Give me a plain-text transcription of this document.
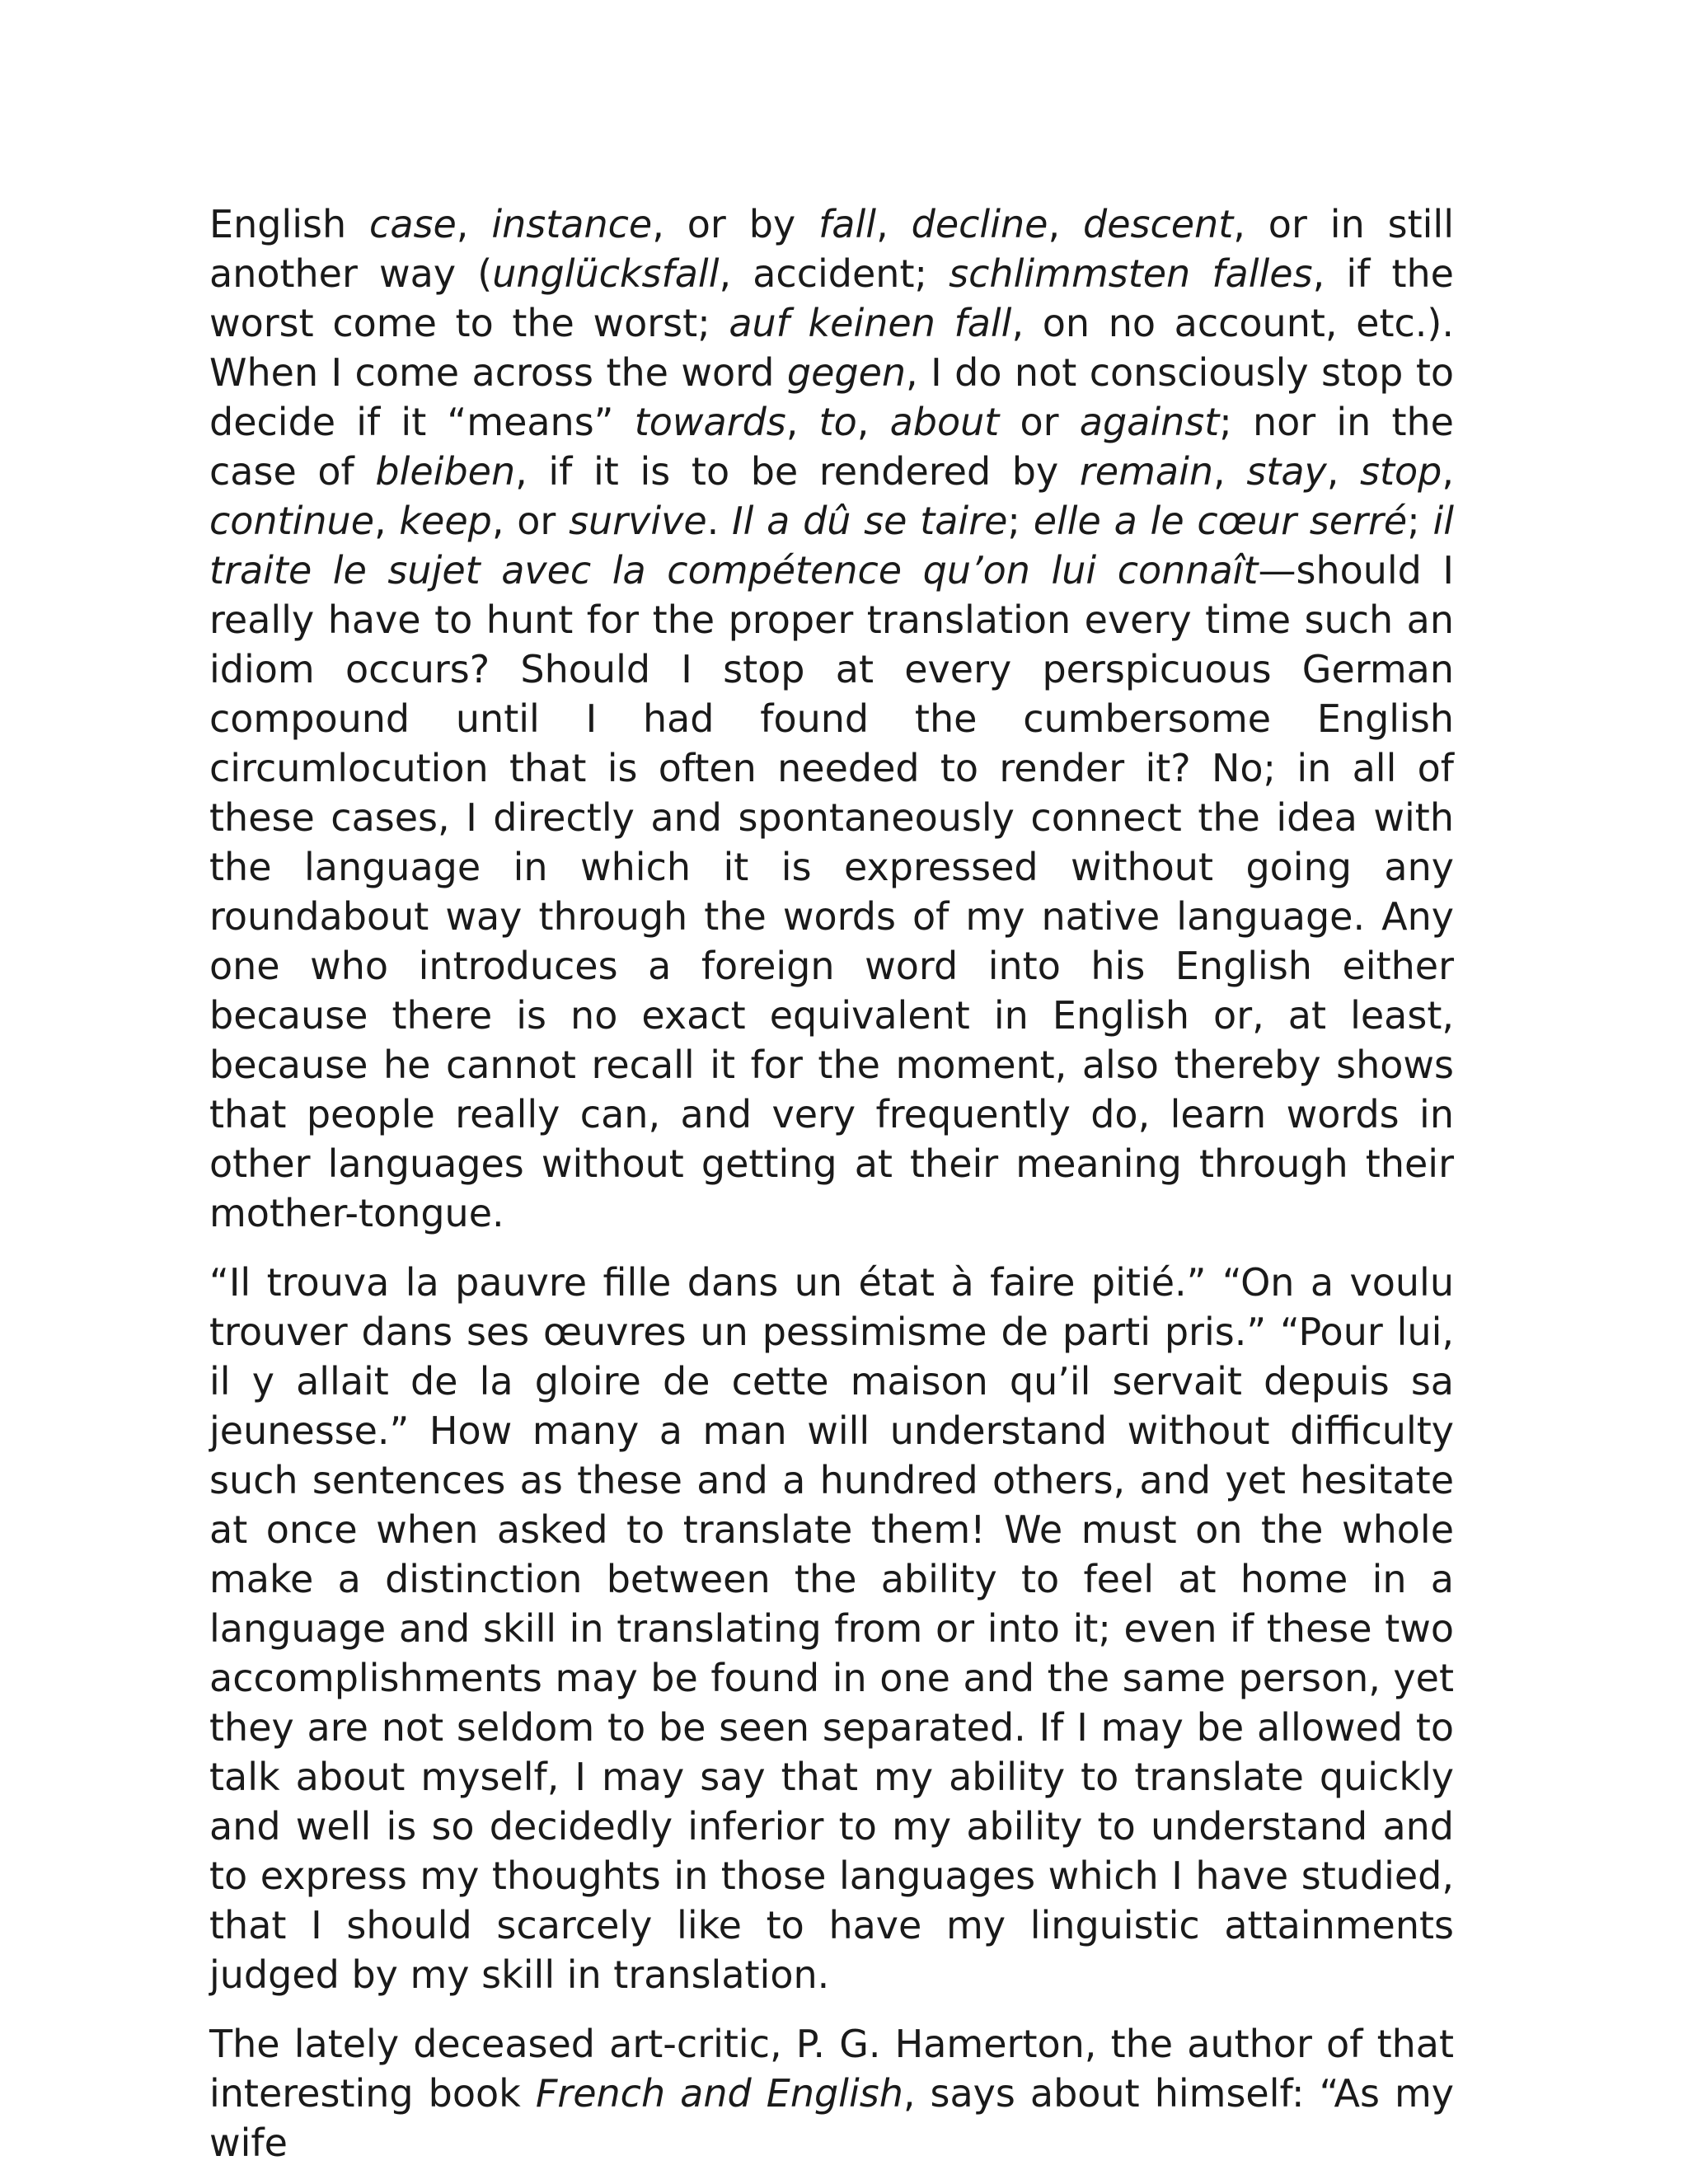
English case, instance, or by fall, decline, descent, or in still another way (unglücksfall, accident; schlimmsten falles, if the worst come to the worst; auf keinen fall, on no account, etc.). When I come across the word gegen, I do not consciously stop to decide if it “means” towards, to, about or against; nor in the case of bleiben, if it is to be rendered by remain, stay, stop, continue, keep, or survive. Il a dû se taire; elle a le cœur serré; il traite le sujet avec la compétence qu’on lui connaît—should I really have to hunt for the proper translation every time such an idiom occurs? Should I stop at every perspicuous German compound until I had found the cumbersome English circumlocution that is often needed to render it? No; in all of these cases, I directly and spontaneously connect the idea with the language in which it is expressed without going any roundabout way through the words of my native language. Any one who introduces a foreign word into his English either because there is no exact equivalent in English or, at least, because he cannot recall it for the moment, also thereby shows that people really can, and very frequently do, learn words in other languages without getting at their meaning through their mother-tongue.

“Il trouva la pauvre fille dans un état à faire pitié.” “On a voulu trouver dans ses œuvres un pessimisme de parti pris.” “Pour lui, il y allait de la gloire de cette maison qu’il servait depuis sa jeunesse.” How many a man will understand without difficulty such sentences as these and a hundred others, and yet hesitate at once when asked to translate them! We must on the whole make a distinction between the ability to feel at home in a language and skill in translating from or into it; even if these two accomplishments may be found in one and the same person, yet they are not seldom to be seen separated. If I may be allowed to talk about myself, I may say that my ability to translate quickly and well is so decidedly inferior to my ability to understand and to express my thoughts in those languages which I have studied, that I should scarcely like to have my linguistic attainments judged by my skill in translation.

The lately deceased art-critic, P. G. Hamerton, the author of that interesting book French and English, says about himself: “As my wife
